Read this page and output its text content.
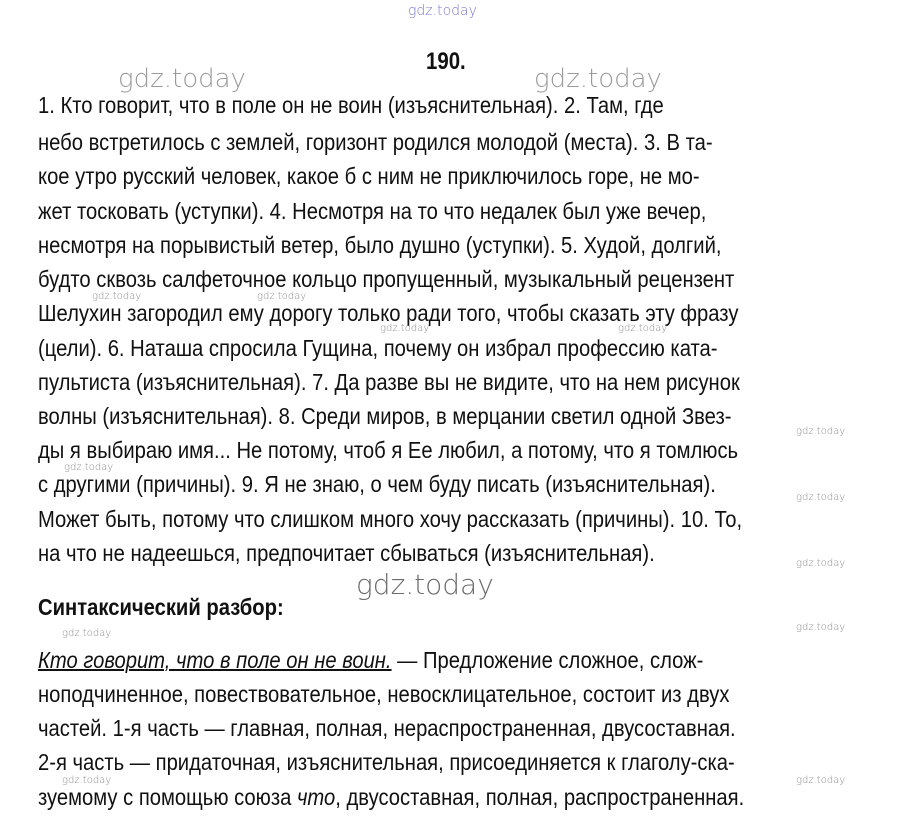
gdz.today
190.
gdz.today	gdz.today
1. Кто говорит, что в поле он не воин (изъяснительная). 2. Там, где
небо встретилось с землей, горизонт родился молодой (места). 3. В та-
кое утро русский человек, какое б с ним не приключилось горе, не мо-
жет тосковать (уступки). 4. Несмотря на то что недалек был уже вечер,
несмотря на порывистый ветер, было душно (уступки). 5. Худой, долгий,
будто сквозь салфеточное кольцо пропущенный, музыкальный рецензент
gdz.today	gdz.today
Шелухин загородил ему дорогу только ради того, чтобы сказать эту фразу
gdz.today	gdz.today
(цели). 6. Наташа спросила Гущина, почему он избрал профессию ката-
пультиста (изъяснительная). 7. Да разве вы не видите, что на нем рисунок
волны (изъяснительная). 8. Среди миров, в мерцании светил одной Звез-
gdz.today
ды я выбираю имя... Не потому, чтоб я Ее любил, а потому, что я томлюсь
gdz.today
с другими (причины). 9. Я не знаю, о чем буду писать (изъяснительная).
gdz.today
Может быть, потому что слишком много хочу рассказать (причины). 10. То,
на что не надеешься, предпочитает сбываться (изъяснительная).	gdz.today
gdz.today
Синтаксический разбор:
gdz.today
gdz.today
Кто говорит, что в поле он не воин. — Предложение сложное, слож-
ноподчиненное, повествовательное, невосклицательное, состоит из двух
частей. 1-я часть — главная, полная, нераспространенная, двусоставная.
2-я часть — придаточная, изъяснительная, присоединяется к глаголу-ска-
gdz.today	gdz.today
зуемому с помощью союза что, двусоставная, полная, распространенная.
